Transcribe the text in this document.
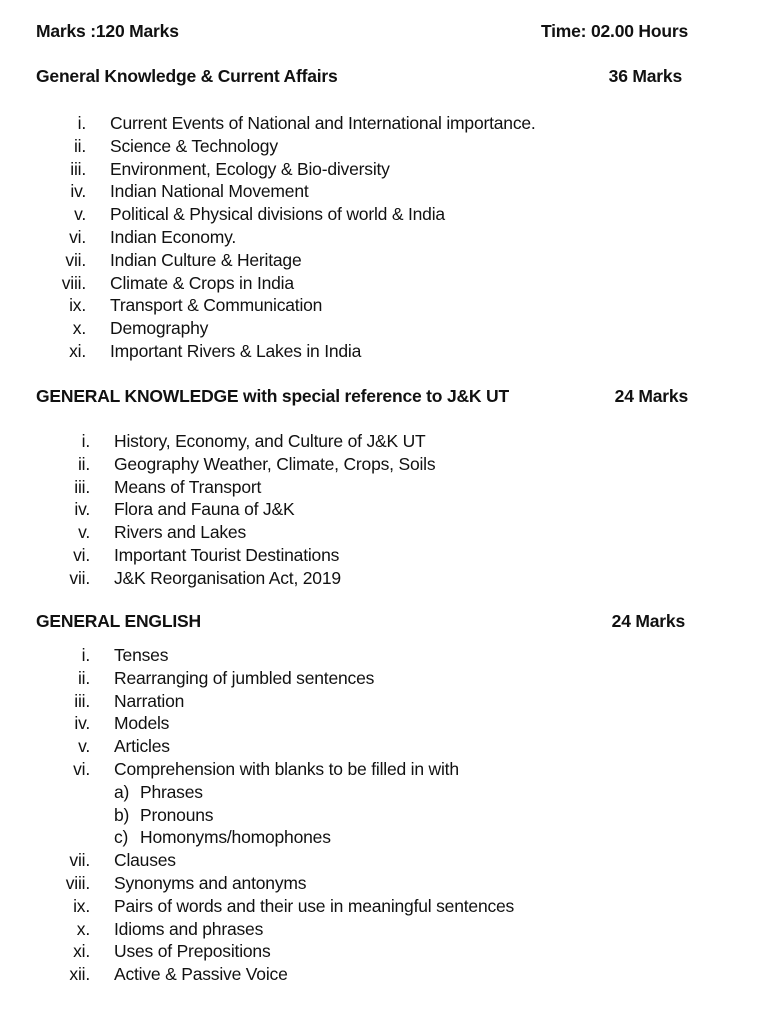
Marks :120 Marks	Time: 02.00 Hours
General Knowledge & Current Affairs	36 Marks
i. Current Events of National and International importance.
ii. Science & Technology
iii. Environment, Ecology & Bio-diversity
iv. Indian National Movement
v. Political & Physical divisions of world & India
vi. Indian Economy.
vii. Indian Culture & Heritage
viii. Climate & Crops in India
ix. Transport & Communication
x. Demography
xi. Important Rivers & Lakes in India
GENERAL KNOWLEDGE with special reference to J&K UT	24 Marks
i. History, Economy, and Culture of J&K UT
ii. Geography Weather, Climate, Crops, Soils
iii. Means of Transport
iv. Flora and Fauna of J&K
v. Rivers and Lakes
vi. Important Tourist Destinations
vii. J&K Reorganisation Act, 2019
GENERAL ENGLISH	24 Marks
i. Tenses
ii. Rearranging of jumbled sentences
iii. Narration
iv. Models
v. Articles
vi. Comprehension with blanks to be filled in with
a) Phrases
b) Pronouns
c) Homonyms/homophones
vii. Clauses
viii. Synonyms and antonyms
ix. Pairs of words and their use in meaningful sentences
x. Idioms and phrases
xi. Uses of Prepositions
xii. Active & Passive Voice
